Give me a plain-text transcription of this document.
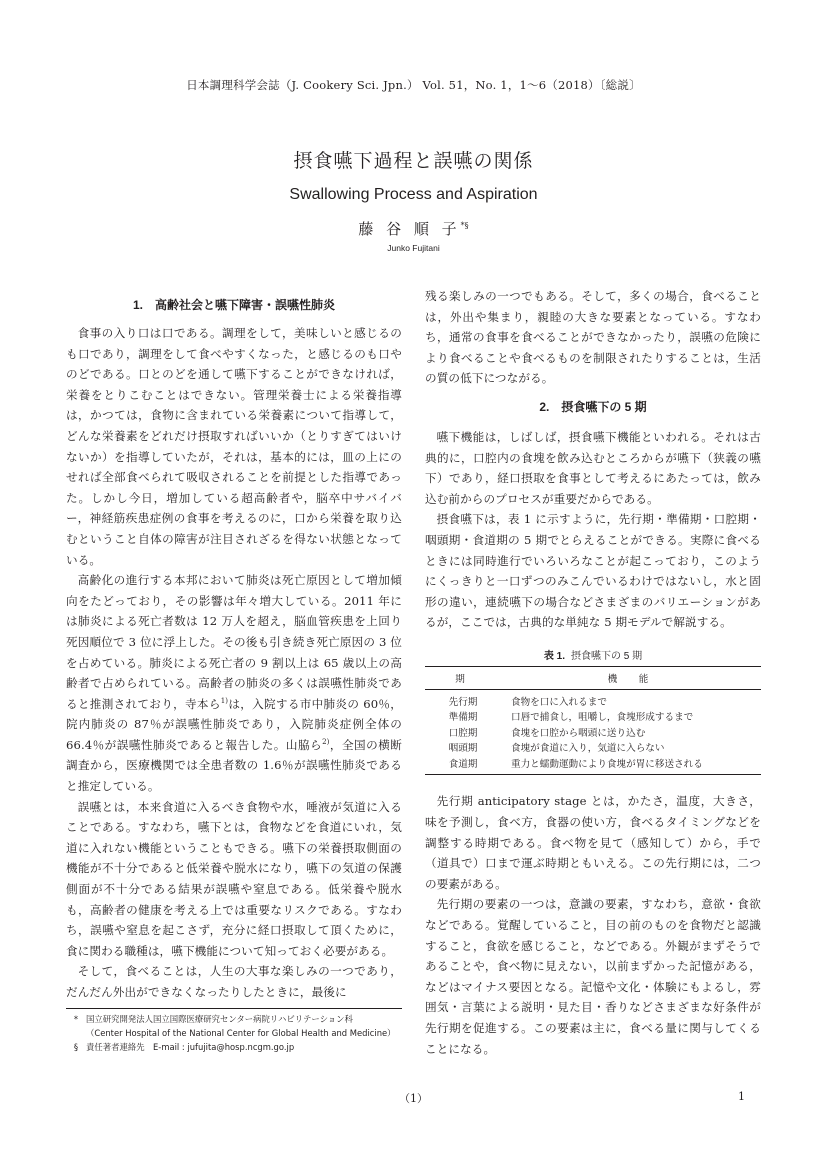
日本調理科学会誌（J. Cookery Sci. Jpn.） Vol. 51，No. 1，1〜6（2018）〔総説〕
摂食嚥下過程と誤嚥の関係
Swallowing Process and Aspiration
藤 谷 順 子*§
Junko Fujitani
1.　高齢社会と嚥下障害・誤嚥性肺炎

食事の入り口は口である。調理をして，美味しいと感じるのも口であり，調理をして食べやすくなった，と感じるのも口やのどである。口とのどを通して嚥下することができなければ，栄養をとりこむことはできない。管理栄養士による栄養指導は，かつては，食物に含まれている栄養素について指導して，どんな栄養素をどれだけ摂取すればいいか（とりすぎてはいけないか）を指導していたが，それは，基本的には，皿の上にのせれば全部食べられて吸収されることを前提とした指導であった。しかし今日，増加している超高齢者や，脳卒中サバイバー，神経筋疾患症例の食事を考えるのに，口から栄養を取り込むということ自体の障害が注目されざるを得ない状態となっている。

高齢化の進行する本邦において肺炎は死亡原因として増加傾向をたどっており，その影響は年々増大している。2011 年には肺炎による死亡者数は 12 万人を超え，脳血管疾患を上回り死因順位で 3 位に浮上した。その後も引き続き死亡原因の 3 位を占めている。肺炎による死亡者の 9 割以上は 65 歳以上の高齢者で占められている。高齢者の肺炎の多くは誤嚥性肺炎であると推測されており，寺本ら$^{1)}$は，入院する市中肺炎の 60％，院内肺炎の 87％が誤嚥性肺炎であり，入院肺炎症例全体の 66.4％が誤嚥性肺炎であると報告した。山脇ら$^{2)}$，全国の横断調査から，医療機関では全患者数の 1.6％が誤嚥性肺炎であると推定している。

誤嚥とは，本来食道に入るべき食物や水，唾液が気道に入ることである。すなわち，嚥下とは，食物などを食道にいれ，気道に入れない機能ということもできる。嚥下の栄養摂取側面の機能が不十分であると低栄養や脱水になり，嚥下の気道の保護側面が不十分である結果が誤嚥や窒息である。低栄養や脱水も，高齢者の健康を考える上では重要なリスクである。すなわち，誤嚥や窒息を起こさず，充分に経口摂取して頂くために，食に関わる職種は，嚥下機能について知っておく必要がある。

そして，食べることは，人生の大事な楽しみの一つであり，だんだん外出ができなくなったりしたときに，最後に

* 国立研究開発法人国立国際医療研究センター病院リハビリテーション科
（Center Hospital of the National Center for Global Health and Medicine）
§ 責任著者連絡先　E-mail : jufujita@hosp.ncgm.go.jp

残る楽しみの一つでもある。そして，多くの場合，食べることは，外出や集まり，親睦の大きな要素となっている。すなわち，通常の食事を食べることができなかったり，誤嚥の危険により食べることや食べるものを制限されたりすることは，生活の質の低下につながる。

2.　摂食嚥下の 5 期

嚥下機能は，しばしば，摂食嚥下機能といわれる。それは古典的に，口腔内の食塊を飲み込むところからが嚥下（狭義の嚥下）であり，経口摂取を食事として考えるにあたっては，飲み込む前からのプロセスが重要だからである。

摂食嚥下は，表 1 に示すように，先行期・準備期・口腔期・咽頭期・食道期の 5 期でとらえることができる。実際に食べるときには同時進行でいろいろなことが起こっており，このようにくっきりと一口ずつのみこんでいるわけではないし，水と固形の違い，連続嚥下の場合などさまざまのバリエーションがあるが，ここでは，古典的な単純な 5 期モデルで解説する。

表 1. 摂食嚥下の 5 期
期	機　能
先行期	食物を口に入れるまで
準備期	口唇で捕食し，咀嚼し，食塊形成するまで
口腔期	食塊を口腔から咽頭に送り込む
咽頭期	食塊が食道に入り，気道に入らない
食道期	重力と蠕動運動により食塊が胃に移送される

先行期 anticipatory stage とは，かたさ，温度，大きさ，味を予測し，食べ方，食器の使い方，食べるタイミングなどを調整する時期である。食べ物を見て（感知して）から，手で（道具で）口まで運ぶ時期ともいえる。この先行期には，二つの要素がある。

先行期の要素の一つは，意識の要素，すなわち，意欲・食欲などである。覚醒していること，目の前のものを食物だと認識すること，食欲を感じること，などである。外観がまずそうであることや，食べ物に見えない，以前まずかった記憶がある，などはマイナス要因となる。記憶や文化・体験にもよるし，雰囲気・言葉による説明・見た目・香りなどさまざまな好条件が先行期を促進する。この要素は主に，食べる量に関与してくることになる。

（1）	1
